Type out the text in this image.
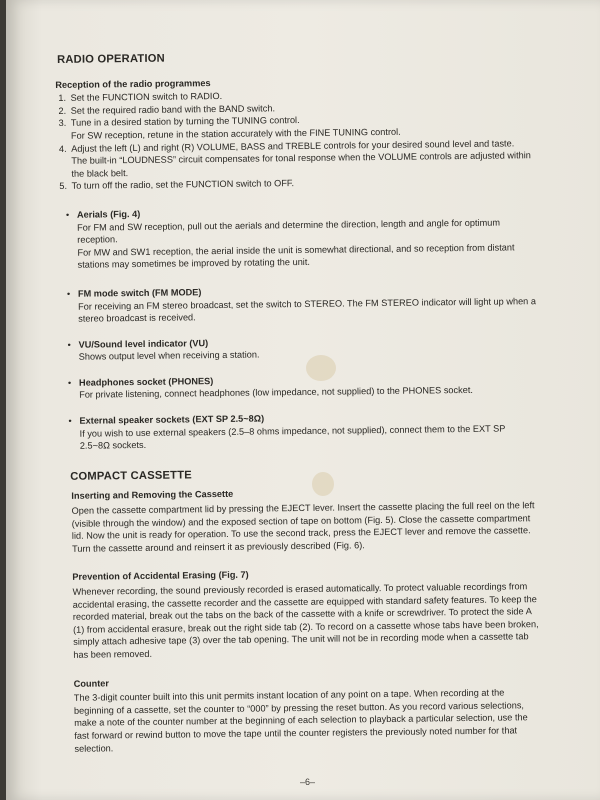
RADIO OPERATION
Reception of the radio programmes
1. Set the FUNCTION switch to RADIO.
2. Set the required radio band with the BAND switch.
3. Tune in a desired station by turning the TUNING control.
For SW reception, retune in the station accurately with the FINE TUNING control.
4. Adjust the left (L) and right (R) VOLUME, BASS and TREBLE controls for your desired sound level and taste.
The built-in “LOUDNESS” circuit compensates for tonal response when the VOLUME controls are adjusted within the black belt.
5. To turn off the radio, set the FUNCTION switch to OFF.
• Aerials (Fig. 4)
For FM and SW reception, pull out the aerials and determine the direction, length and angle for optimum reception.
For MW and SW1 reception, the aerial inside the unit is somewhat directional, and so reception from distant stations may sometimes be improved by rotating the unit.
• FM mode switch (FM MODE)
For receiving an FM stereo broadcast, set the switch to STEREO. The FM STEREO indicator will light up when a stereo broadcast is received.
• VU/Sound level indicator (VU)
Shows output level when receiving a station.
• Headphones socket (PHONES)
For private listening, connect headphones (low impedance, not supplied) to the PHONES socket.
• External speaker sockets (EXT SP 2.5~8Ω)
If you wish to use external speakers (2.5–8 ohms impedance, not supplied), connect them to the EXT SP 2.5~8Ω sockets.
COMPACT CASSETTE
Inserting and Removing the Cassette
Open the cassette compartment lid by pressing the EJECT lever. Insert the cassette placing the full reel on the left (visible through the window) and the exposed section of tape on bottom (Fig. 5). Close the cassette compartment lid. Now the unit is ready for operation. To use the second track, press the EJECT lever and remove the cassette. Turn the cassette around and reinsert it as previously described (Fig. 6).
Prevention of Accidental Erasing (Fig. 7)
Whenever recording, the sound previously recorded is erased automatically. To protect valuable recordings from accidental erasing, the cassette recorder and the cassette are equipped with standard safety features. To keep the recorded material, break out the tabs on the back of the cassette with a knife or screwdriver. To protect the side A (1) from accidental erasure, break out the right side tab (2). To record on a cassette whose tabs have been broken, simply attach adhesive tape (3) over the tab opening. The unit will not be in recording mode when a cassette tab has been removed.
Counter
The 3-digit counter built into this unit permits instant location of any point on a tape. When recording at the beginning of a cassette, set the counter to “000” by pressing the reset button. As you record various selections, make a note of the counter number at the beginning of each selection to playback a particular selection, use the fast forward or rewind button to move the tape until the counter registers the previously noted number for that selection.
–6–
